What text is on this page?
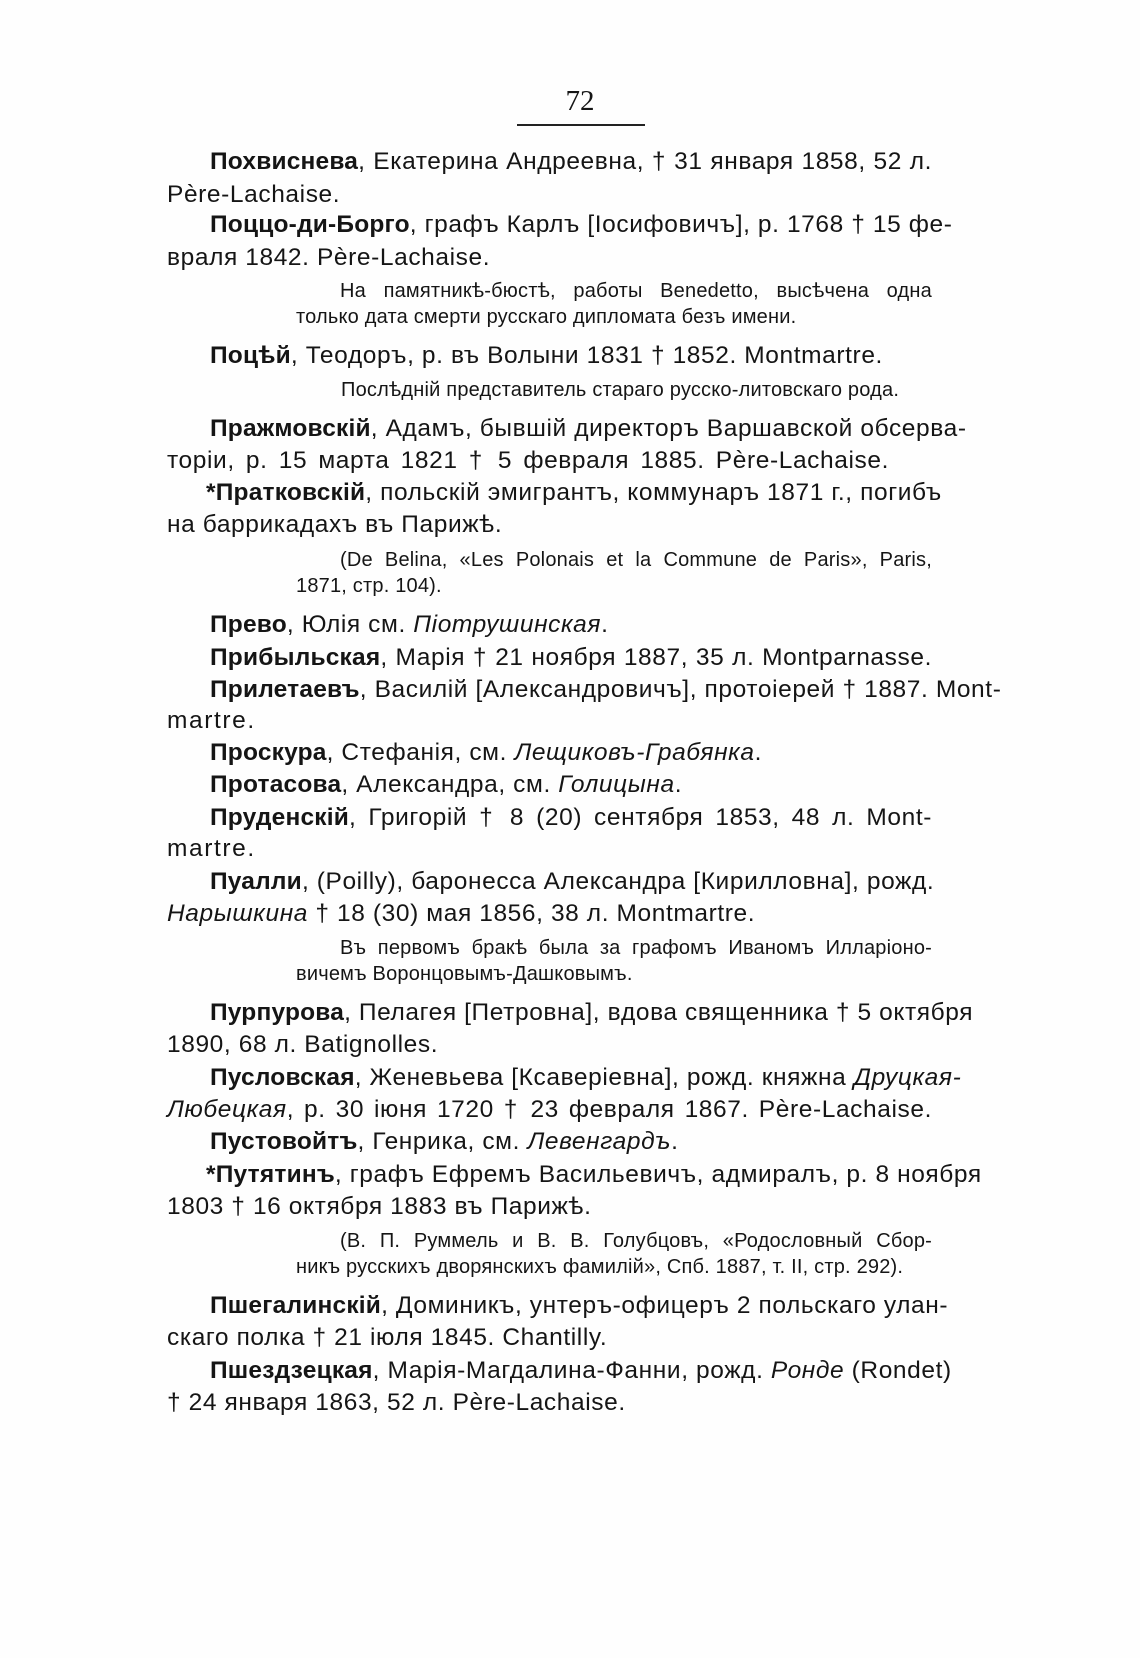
72
Похвиснева, Екатерина Андреевна, † 31 января 1858, 52 л.
Père-Lachaise.
Поццо-ди-Борго, графъ Карлъ [Іосифовичъ], р. 1768 † 15 фе-
враля 1842. Père-Lachaise.
На памятникѣ-бюстѣ, работы Benedetto, высѣчена одна
только дата смерти русскаго дипломата безъ имени.
Поцѣй, Теодоръ, р. въ Волыни 1831 † 1852. Montmartre.
Послѣдній представитель стараго русско-литовскаго рода.
Пражмовскій, Адамъ, бывшій директоръ Варшавской обсерва-
торіи, р. 15 марта 1821 † 5 февраля 1885. Père-Lachaise.
*Пратковскій, польскій эмигрантъ, коммунаръ 1871 г., погибъ
на баррикадахъ въ Парижѣ.
(De Belina, «Les Polonais et la Commune de Paris», Paris,
1871, стр. 104).
Прево, Юлія см. Піотрушинская.
Прибыльская, Марія † 21 ноября 1887, 35 л. Montparnasse.
Прилетаевъ, Василій [Александровичъ], протоіерей † 1887. Mont-
martre.
Проскура, Стефанія, см. Лещиковъ-Грабянка.
Протасова, Александра, см. Голицына.
Пруденскій, Григорій † 8 (20) сентября 1853, 48 л. Mont-
martre.
Пуалли, (Poilly), баронесса Александра [Кирилловна], рожд.
Нарышкина † 18 (30) мая 1856, 38 л. Montmartre.
Въ первомъ бракѣ была за графомъ Иваномъ Илларіоно-
вичемъ Воронцовымъ-Дашковымъ.
Пурпурова, Пелагея [Петровна], вдова священника † 5 октября
1890, 68 л. Batignolles.
Пусловская, Женевьева [Ксаверіевна], рожд. княжна Друцкая-
Любецкая, р. 30 іюня 1720 † 23 февраля 1867. Père-Lachaise.
Пустовойтъ, Генрика, см. Левенгардъ.
*Путятинъ, графъ Ефремъ Васильевичъ, адмиралъ, р. 8 ноября
1803 † 16 октября 1883 въ Парижѣ.
(В. П. Руммель и В. В. Голубцовъ, «Родословный Сбор-
никъ русскихъ дворянскихъ фамилій», Спб. 1887, т. II, стр. 292).
Пшегалинскій, Доминикъ, унтеръ-офицеръ 2 польскаго улан-
скаго полка † 21 іюля 1845. Chantilly.
Пшездзецкая, Марія-Магдалина-Фанни, рожд. Ронде (Rondet)
† 24 января 1863, 52 л. Père-Lachaise.
